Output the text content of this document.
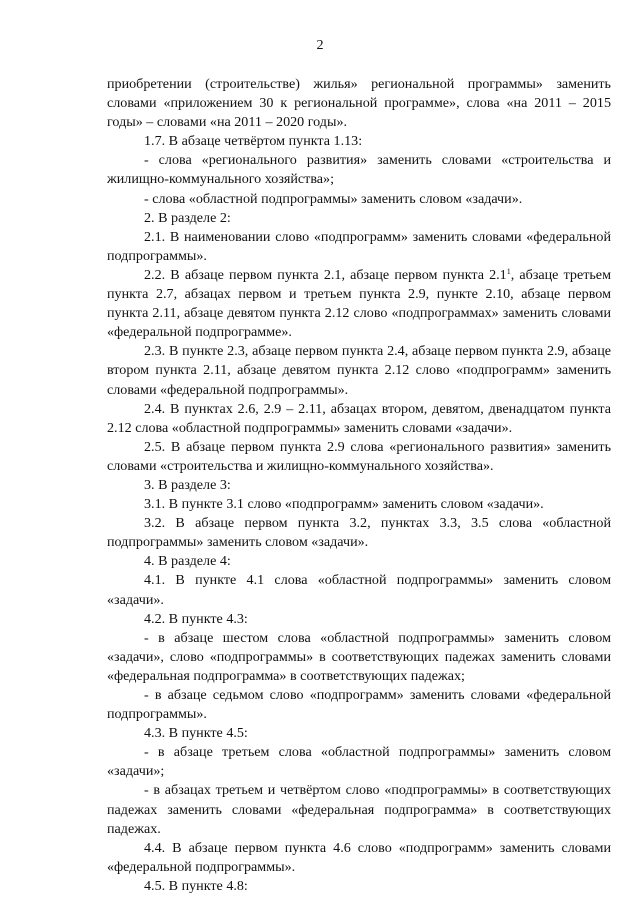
2

приобретении (строительстве) жилья» региональной программы» заменить словами «приложением 30 к региональной программе», слова «на 2011 – 2015 годы» – словами «на 2011 – 2020 годы».

1.7. В абзаце четвёртом пункта 1.13:

- слова «регионального развития» заменить словами «строительства и жилищно-коммунального хозяйства»;

- слова «областной подпрограммы» заменить словом «задачи».

2. В разделе 2:

2.1. В наименовании слово «подпрограмм» заменить словами «федеральной подпрограммы».

2.2. В абзаце первом пункта 2.1, абзаце первом пункта $2.1^1$, абзаце третьем пункта 2.7, абзацах первом и третьем пункта 2.9, пункте 2.10, абзаце первом пункта 2.11, абзаце девятом пункта 2.12 слово «подпрограммах» заменить словами «федеральной подпрограмме».

2.3. В пункте 2.3, абзаце первом пункта 2.4, абзаце первом пункта 2.9, абзаце втором пункта 2.11, абзаце девятом пункта 2.12 слово «подпрограмм» заменить словами «федеральной подпрограммы».

2.4. В пунктах 2.6, 2.9 – 2.11, абзацах втором, девятом, двенадцатом пункта 2.12 слова «областной подпрограммы» заменить словами «задачи».

2.5. В абзаце первом пункта 2.9 слова «регионального развития» заменить словами «строительства и жилищно-коммунального хозяйства».

3. В разделе 3:

3.1. В пункте 3.1 слово «подпрограмм» заменить словом «задачи».

3.2. В абзаце первом пункта 3.2, пунктах 3.3, 3.5 слова «областной подпрограммы» заменить словом «задачи».

4. В разделе 4:

4.1. В пункте 4.1 слова «областной подпрограммы» заменить словом «задачи».

4.2. В пункте 4.3:

- в абзаце шестом слова «областной подпрограммы» заменить словом «задачи», слово «подпрограммы» в соответствующих падежах заменить словами «федеральная подпрограмма» в соответствующих падежах;

- в абзаце седьмом слово «подпрограмм» заменить словами «федеральной подпрограммы».

4.3. В пункте 4.5:

- в абзаце третьем слова «областной подпрограммы» заменить словом «задачи»;

- в абзацах третьем и четвёртом слово «подпрограммы» в соответствующих падежах заменить словами «федеральная подпрограмма» в соответствующих падежах.

4.4. В абзаце первом пункта 4.6 слово «подпрограмм» заменить словами «федеральной подпрограммы».

4.5. В пункте 4.8:
